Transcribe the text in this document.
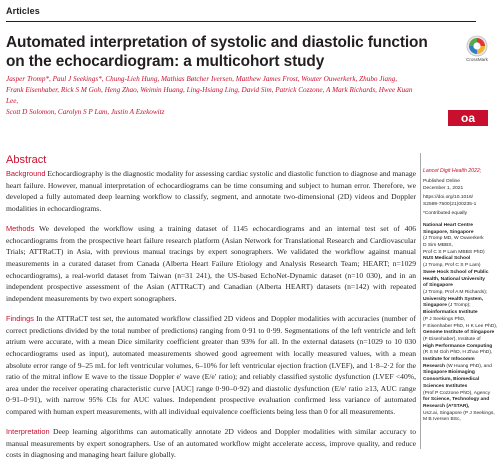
Articles
CrossMark
Automated interpretation of systolic and diastolic function
on the echocardiogram: a multicohort study
Jasper Tromp*, Paul J Seekings*, Chung-Lieh Hung, Mathias Bøtcher Iversen, Matthew James Frost, Wouter Ouwerkerk, Zhubo Jiang,
Frank Eisenhaber, Rick S M Goh, Heng Zhao, Weimin Huang, Ling-Hsiang Ling, David Sim, Patrick Cozzone, A Mark Richards, Hwee Kuan Lee,
Scott D Solomon, Carolyn S P Lam, Justin A Ezekowitz	oa
Abstract

Background Echocardiography is the diagnostic modality for assessing cardiac systolic and diastolic function to diagnose and manage heart failure. However, manual interpretation of echocardiograms can be time consuming and subject to human error. Therefore, we developed a fully automated deep learning workflow to classify, segment, and annotate two-dimensional (2D) videos and Doppler modalities in echocardiograms.

Methods We developed the workflow using a training dataset of 1145 echocardiograms and an internal test set of 406 echocardiograms from the prospective heart failure research platform (Asian Network for Translational Research and Cardiovascular Trials; ATTRaCT) in Asia, with previous manual tracings by expert sonographers. We validated the workflow against manual measurements in a curated dataset from Canada (Alberta Heart Failure Etiology and Analysis Research Team; HEART; n=1029 echocardiograms), a real-world dataset from Taiwan (n=31 241), the US-based EchoNet-Dynamic dataset (n=10 030), and in an independent prospective assessment of the Asian (ATTRaCT) and Canadian (Alberta HEART) datasets (n=142) with repeated independent measurements by two expert sonographers.

Findings In the ATTRaCT test set, the automated workflow classified 2D videos and Doppler modalities with accuracies (number of correct predictions divided by the total number of predictions) ranging from 0·91 to 0·99. Segmentations of the left ventricle and left atrium were accurate, with a mean Dice similarity coefficient greater than 93% for all. In the external datasets (n=1029 to 10 030 echocardiograms used as input), automated measurements showed good agreement with locally measured values, with a mean absolute error range of 9–25 mL for left ventricular volumes, 6–10% for left ventricular ejection fraction (LVEF), and 1·8–2·2 for the ratio of the mitral inflow E wave to the tissue Doppler e′ wave (E/e′ ratio); and reliably classified systolic dysfunction (LVEF <40%, area under the receiver operating characteristic curve [AUC] range 0·90–0·92) and diastolic dysfunction (E/e′ ratio ≥13, AUC range 0·91–0·91), with narrow 95% CIs for AUC values. Independent prospective evaluation confirmed less variance of automated compared with human expert measurements, with all individual equivalence coefficients being less than 0 for all measurements.

Interpretation Deep learning algorithms can automatically annotate 2D videos and Doppler modalities with similar accuracy to manual measurements by expert sonographers. Use of an automated workflow might accelerate access, improve quality, and reduce costs in diagnosing and managing heart failure globally.

Lancet Digit Health 2022;
Published Online
December 1, 2021
https://doi.org/10.1016/
S2589-7500(21)00235-1
*Contributed equally
National Heart Centre
Singapore, Singapore
(J Tromp MD, W Ouwerkerk
D Sim MBBS,
Prof C S P Lam MBBS PhD)
NUS Medical School
(J Tromp, Prof C S P Lam)
Swee Hock School of Public
Health, National University
of Singapore
(J Tromp, Prof A M Richards);
University Health System,
Singapore (J Tromp);
Bioinformatics Institute
(P J Seekings PhD,
F Eisenhaber PhD, H K Lee PhD),
Genome Institute of Singapore
(F Eisenhaber), Institute of
High Performance Computing
(R S M Goh PhD, H Zhao PhD),
Institute for Infocomm
Research (W Huang PhD), and
Singapore Bioimaging
Consortium, Biomedical
Sciences Institutes
(Prof P Cozzone PhD), Agency
for Science, Technology and
Research (A*STAR),
Us2.ai, Singapore (P J Seekings,
M B Iversen BSc,
